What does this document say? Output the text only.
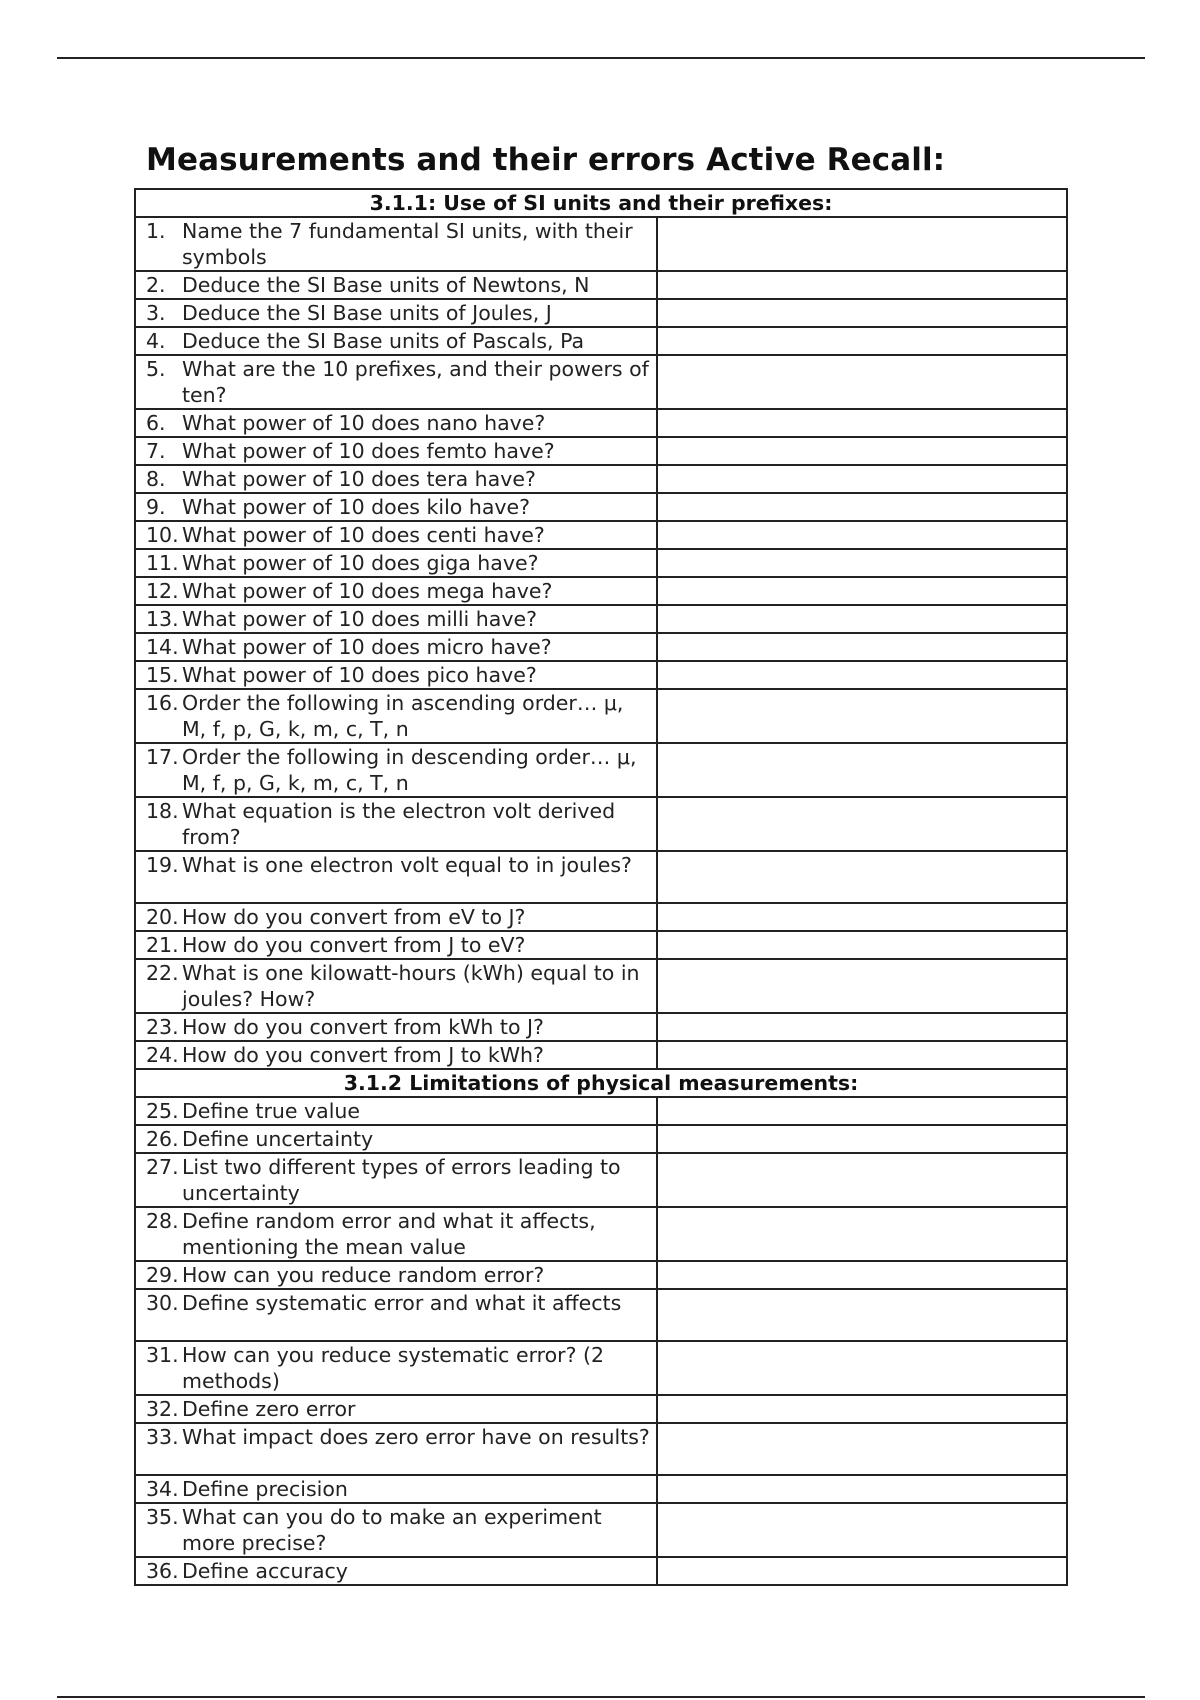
Measurements and their errors Active Recall:
3.1.1: Use of SI units and their prefixes:	

1. Name the 7 fundamental SI units, with their symbols	

2. Deduce the SI Base units of Newtons, N	

3. Deduce the SI Base units of Joules, J	

4. Deduce the SI Base units of Pascals, Pa	

5. What are the 10 prefixes, and their powers of ten?	

6. What power of 10 does nano have?	

7. What power of 10 does femto have?	

8. What power of 10 does tera have?	

9. What power of 10 does kilo have?	

10. What power of 10 does centi have?	

11. What power of 10 does giga have?	

12. What power of 10 does mega have?	

13. What power of 10 does milli have?	

14. What power of 10 does micro have?	

15. What power of 10 does pico have?	

16. Order the following in ascending order… μ, M, f, p, G, k, m, c, T, n	

17. Order the following in descending order… μ, M, f, p, G, k, m, c, T, n	

18. What equation is the electron volt derived from?	

19. What is one electron volt equal to in joules?	

20. How do you convert from eV to J?	

21. How do you convert from J to eV?	

22. What is one kilowatt-hours (kWh) equal to in joules? How?	

23. How do you convert from kWh to J?	

24. How do you convert from J to kWh?	

3.1.2 Limitations of physical measurements:	

25. Define true value	

26. Define uncertainty	

27. List two different types of errors leading to uncertainty	

28. Define random error and what it affects, mentioning the mean value	

29. How can you reduce random error?	

30. Define systematic error and what it affects	

31. How can you reduce systematic error? (2 methods)	

32. Define zero error	

33. What impact does zero error have on results?	

34. Define precision	

35. What can you do to make an experiment more precise?	

36. Define accuracy	
